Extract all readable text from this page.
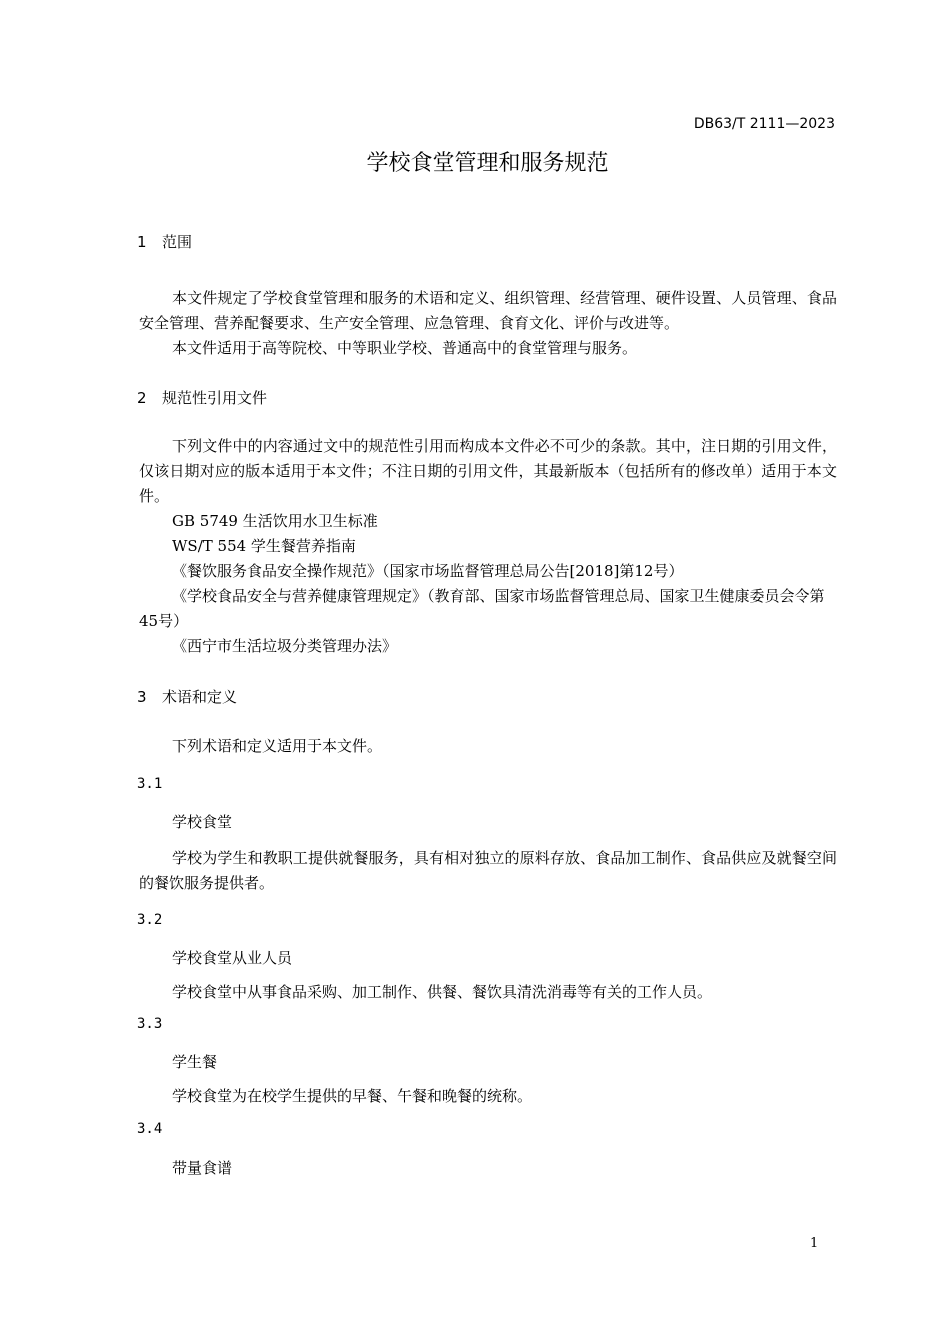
DB63/T 2111—2023
学校食堂管理和服务规范
1 范围
本文件规定了学校食堂管理和服务的术语和定义、组织管理、经营管理、硬件设置、人员管理、食品安全管理、营养配餐要求、生产安全管理、应急管理、食育文化、评价与改进等。
本文件适用于高等院校、中等职业学校、普通高中的食堂管理与服务。
2 规范性引用文件
下列文件中的内容通过文中的规范性引用而构成本文件必不可少的条款。其中，注日期的引用文件，仅该日期对应的版本适用于本文件；不注日期的引用文件，其最新版本（包括所有的修改单）适用于本文件。
GB 5749 生活饮用水卫生标准
WS/T 554 学生餐营养指南
《餐饮服务食品安全操作规范》（国家市场监督管理总局公告[2018]第12号）
《学校食品安全与营养健康管理规定》（教育部、国家市场监督管理总局、国家卫生健康委员会令第45号）
《西宁市生活垃圾分类管理办法》
3 术语和定义
下列术语和定义适用于本文件。
3.1
学校食堂
学校为学生和教职工提供就餐服务，具有相对独立的原料存放、食品加工制作、食品供应及就餐空间的餐饮服务提供者。
3.2
学校食堂从业人员
学校食堂中从事食品采购、加工制作、供餐、餐饮具清洗消毒等有关的工作人员。
3.3
学生餐
学校食堂为在校学生提供的早餐、午餐和晚餐的统称。
3.4
带量食谱
1
